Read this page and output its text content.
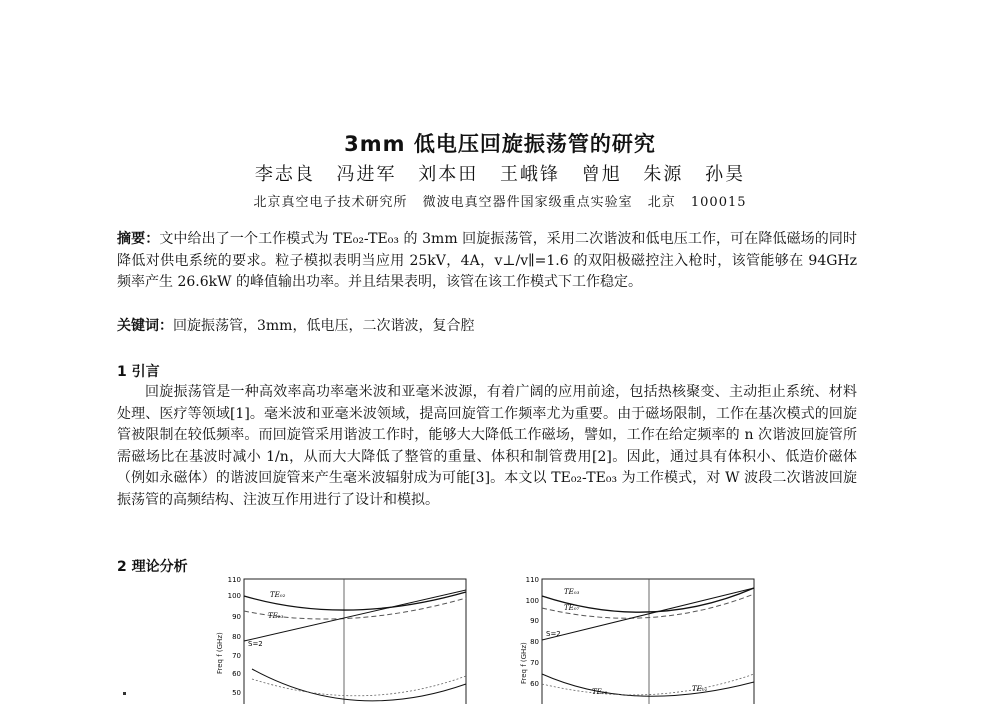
3mm 低电压回旋振荡管的研究
李志良 冯进军 刘本田 王峨锋 曾旭 朱源 孙昊
北京真空电子技术研究所 微波电真空器件国家级重点实验室 北京 100015
摘要：文中给出了一个工作模式为 TE₀₂-TE₀₃ 的 3mm 回旋振荡管，采用二次谐波和低电压工作，可在降低磁场的同时降低对供电系统的要求。粒子模拟表明当应用 25kV，4A，v⊥/v∥=1.6 的双阳极磁控注入枪时，该管能够在 94GHz 频率产生 26.6kW 的峰值输出功率。并且结果表明，该管在该工作模式下工作稳定。
关键词：回旋振荡管，3mm，低电压，二次谐波，复合腔
1 引言
回旋振荡管是一种高效率高功率毫米波和亚毫米波源，有着广阔的应用前途，包括热核聚变、主动拒止系统、材料处理、医疗等领域[1]。毫米波和亚毫米波领域，提高回旋管工作频率尤为重要。由于磁场限制，工作在基次模式的回旋管被限制在较低频率。而回旋管采用谐波工作时，能够大大降低工作磁场，譬如，工作在给定频率的 n 次谐波回旋管所需磁场比在基波时减小 1/n，从而大大降低了整管的重量、体积和制管费用[2]。因此，通过具有体积小、低造价磁体（例如永磁体）的谐波回旋管来产生毫米波辐射成为可能[3]。本文以 TE₀₂-TE₀₃ 为工作模式，对 W 波段二次谐波回旋振荡管的高频结构、注波互作用进行了设计和模拟。
2 理论分析
Freq f (GHz)
110
100
90
80
70
60
50
TE₀₂
TE₂₃
S=2	Freq f (GHz)
110
100
90
80
70
60
TE₀₃
TE₀₇
S=2
TE₀₂	TE₀₁
